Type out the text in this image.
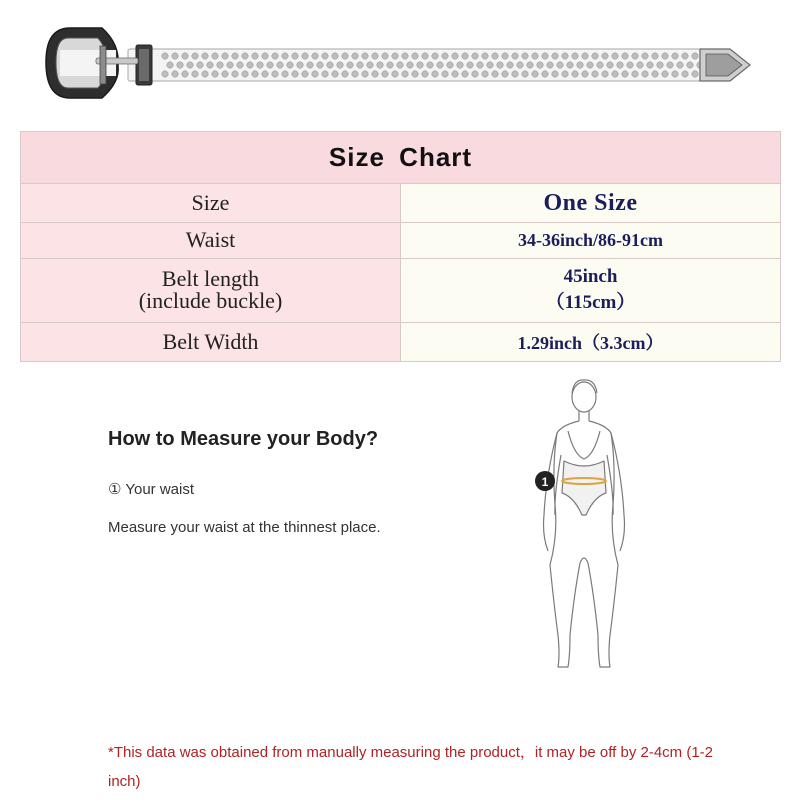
Size Chart	
Size	One Size
Waist	34-36inch/86-91cm

Belt length
(include buckle)	45inch
（115cm）

Belt Width	1.29inch（3.3cm）
How to Measure your Body?
① Your waist
Measure your waist at the thinnest place.
1
*This data was obtained from manually measuring the product，it may be off by 2-4cm (1-2 inch)
